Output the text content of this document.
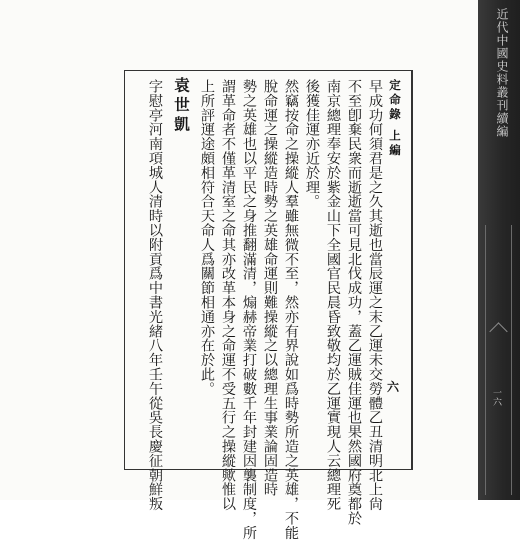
定命錄 上編
六
早成功何須君是之久其逝也當辰運之末乙運未交勞體乙丑清明北上尙
不至卽棄民衆而逝逝當可見北伐成功，蓋乙運賊佳運也果然國府奠都於
南京總理奉安於紫金山下全國官民晨昏致敬均於乙運實現人云總理死
後獲佳運亦近於理。
然竊按命之操縱人羣雖無微不至，然亦有界說如爲時勢所造之英雄，不能
脫命運之操縱造時勢之英雄命運則難操縱之以總理生事業論固造時
勢之英雄也以平民之身推翻滿清，煽赫帝業打破數千年封建因襲制度，所
謂革命者不僅革清室之命其亦改革本身之命運不受五行之操縱歟惟以
上所評運途頗相符合天命人爲關節相通亦在於此。
袁世凱
字慰亭河南項城人清時以附貢爲中書光緒八年壬午從吳長慶征朝鮮叛
近代中國史料叢刊續編
一六
